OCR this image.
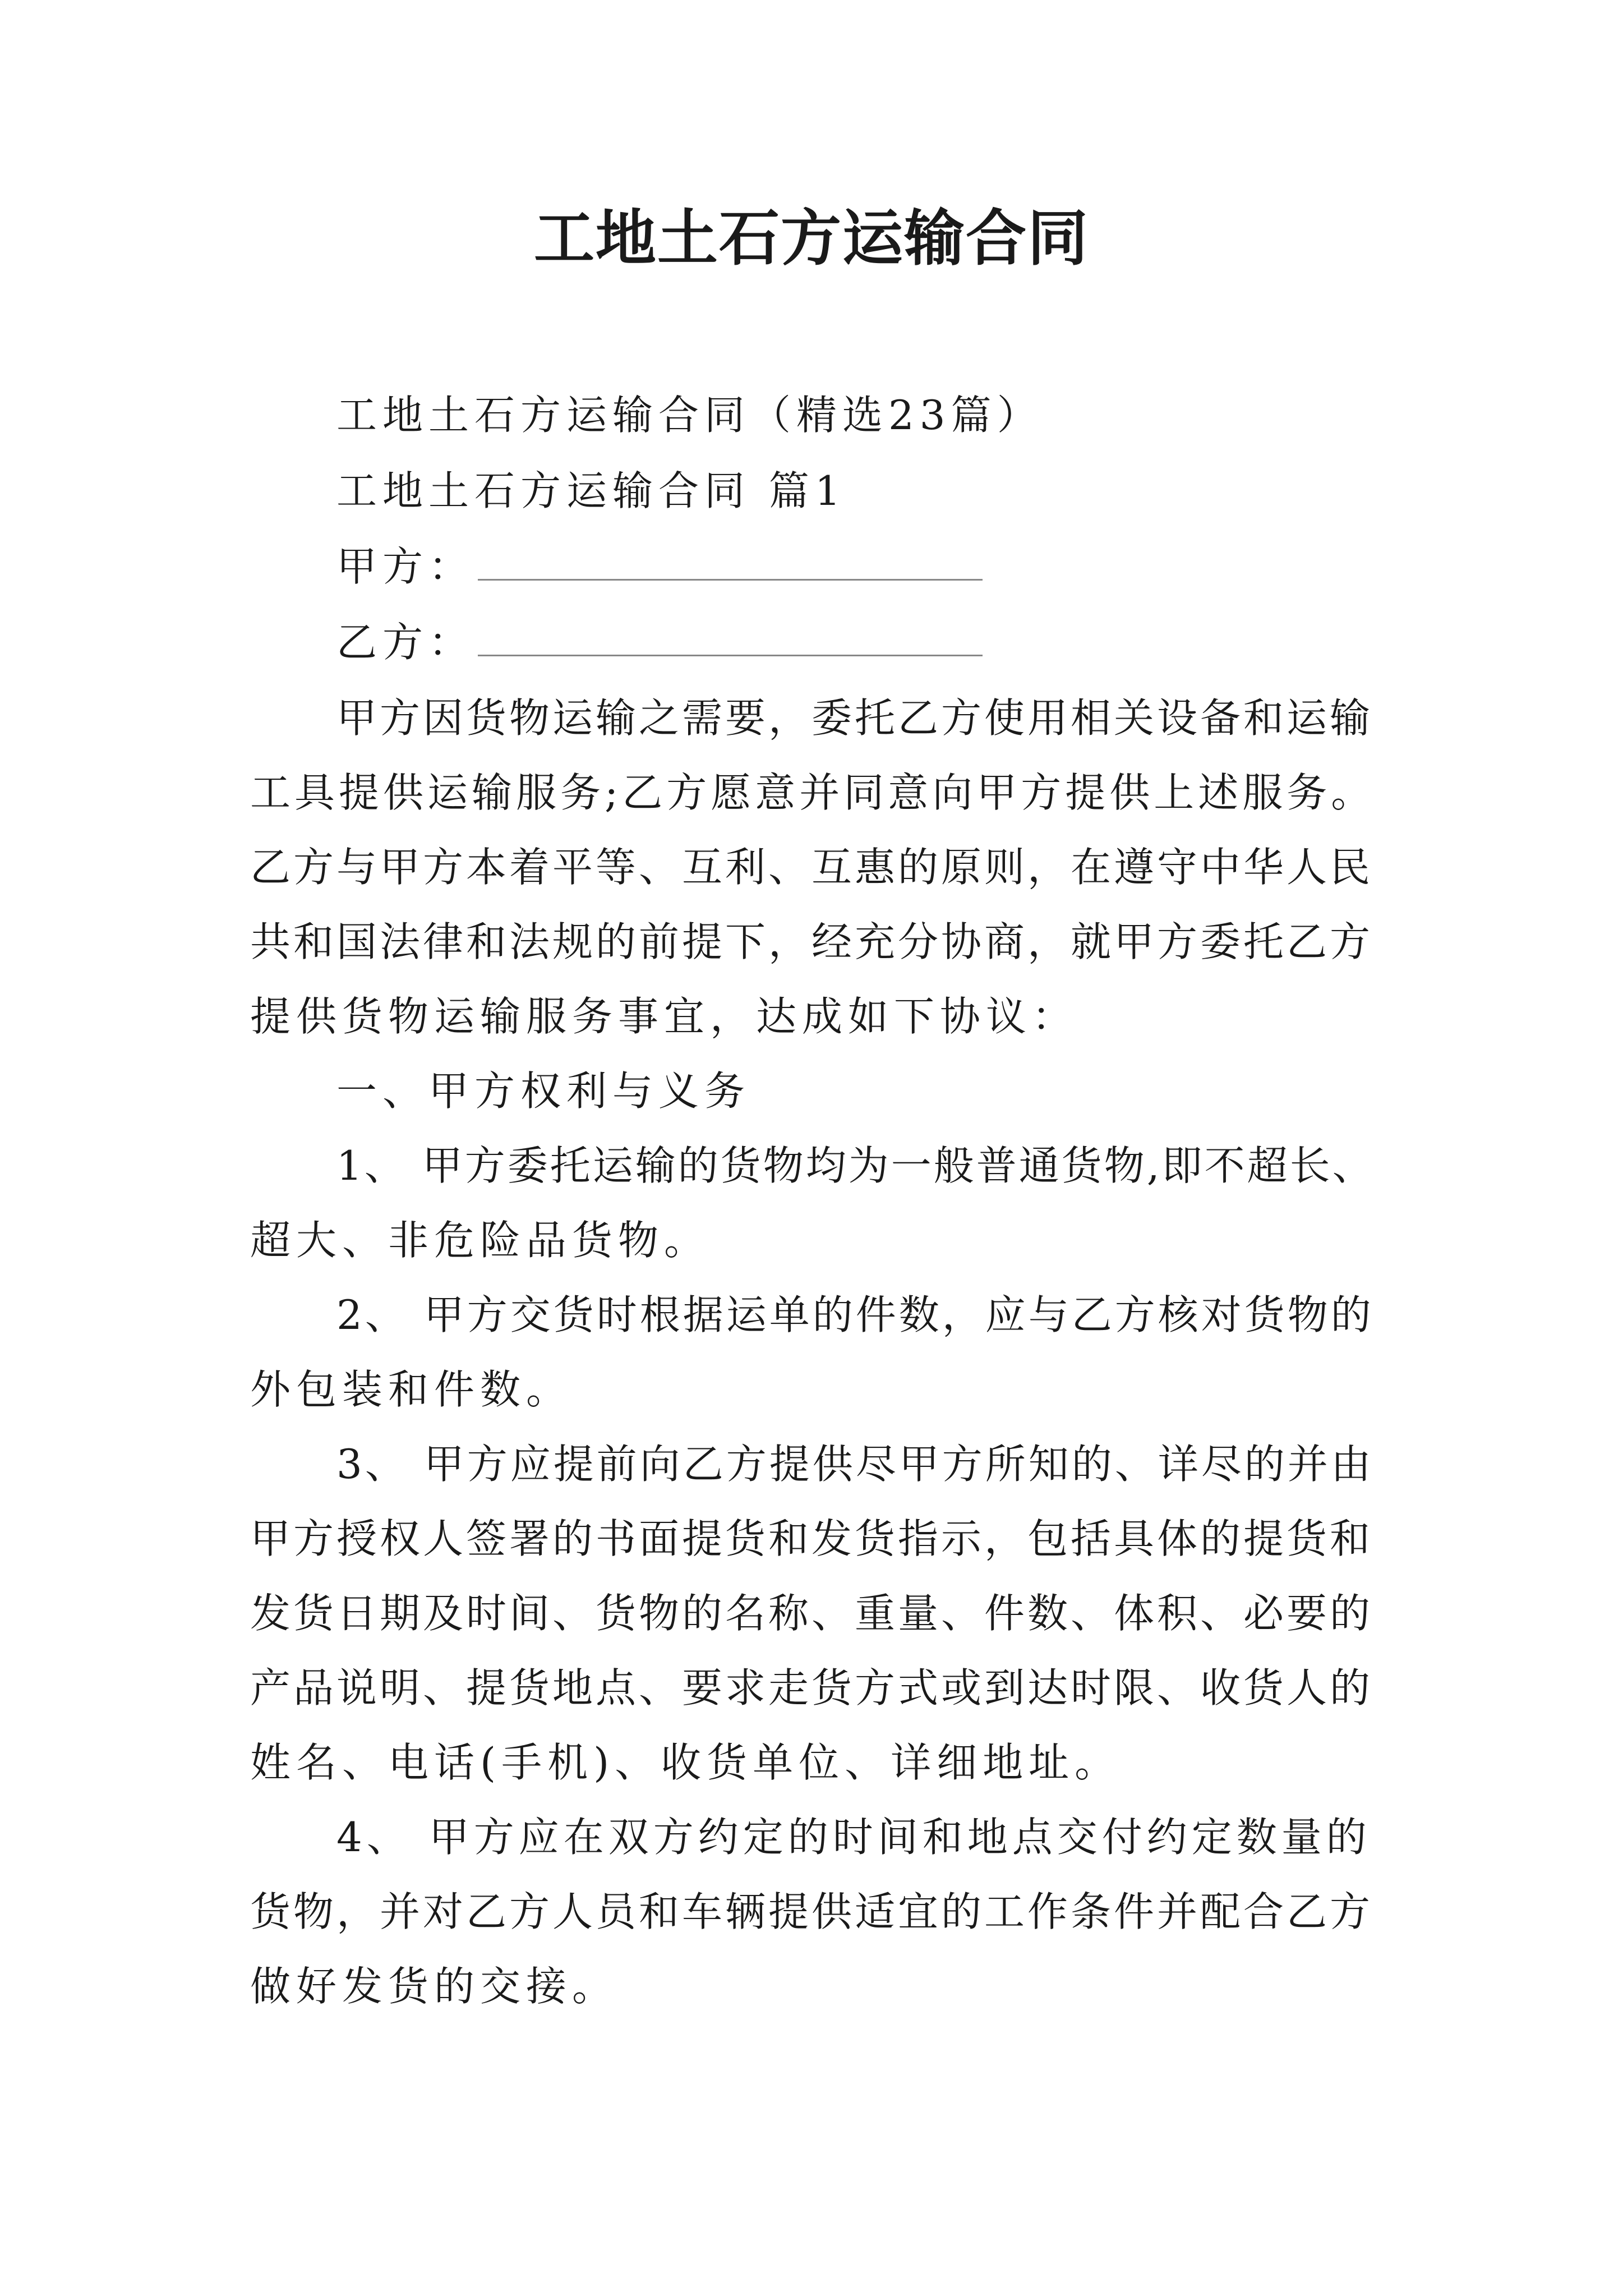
工地土石方运输合同
工地土石方运输合同（精选23篇）
工地土石方运输合同 篇1
甲方：
乙方：
甲方因货物运输之需要，委托乙方使用相关设备和运输
工具提供运输服务;乙方愿意并同意向甲方提供上述服务。
乙方与甲方本着平等、互利、互惠的原则，在遵守中华人民
共和国法律和法规的前提下，经充分协商，就甲方委托乙方
提供货物运输服务事宜，达成如下协议：
一、甲方权利与义务
1、 甲方委托运输的货物均为一般普通货物,即不超长、
超大、非危险品货物。
2、 甲方交货时根据运单的件数，应与乙方核对货物的
外包装和件数。
3、 甲方应提前向乙方提供尽甲方所知的、详尽的并由
甲方授权人签署的书面提货和发货指示，包括具体的提货和
发货日期及时间、货物的名称、重量、件数、体积、必要的
产品说明、提货地点、要求走货方式或到达时限、收货人的
姓名、电话(手机)、收货单位、详细地址。
4、 甲方应在双方约定的时间和地点交付约定数量的
货物，并对乙方人员和车辆提供适宜的工作条件并配合乙方
做好发货的交接。
